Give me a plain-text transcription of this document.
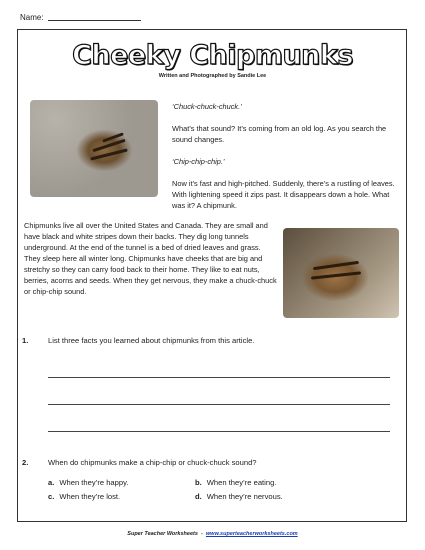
Name:
Cheeky Chipmunks
Written and Photographed by Sandie Lee
‘Chuck-chuck-chuck.’
What’s that sound? It’s coming from an old log. As you search the sound changes.
‘Chip-chip-chip.’
Now it’s fast and high-pitched. Suddenly, there’s a rustling of leaves. With lightening speed it zips past. It disappears down a hole. What was it? A chipmunk.
Chipmunks live all over the United States and Canada. They are small and have black and white stripes down their backs. They dig long tunnels underground. At the end of the tunnel is a bed of dried leaves and grass. They sleep here all winter long. Chipmunks have cheeks that are big and stretchy so they can carry food back to their home. They like to eat nuts, berries, acorns and seeds. When they get nervous, they make a chuck-chuck or chip-chip sound.
1.	List three facts you learned about chipmunks from this article.
2.	When do chipmunks make a chip-chip or chuck-chuck sound?
a. When they’re happy.	b. When they’re eating.
c. When they’re lost.	d. When they’re nervous.
Super Teacher Worksheets - www.superteacherworksheets.com
